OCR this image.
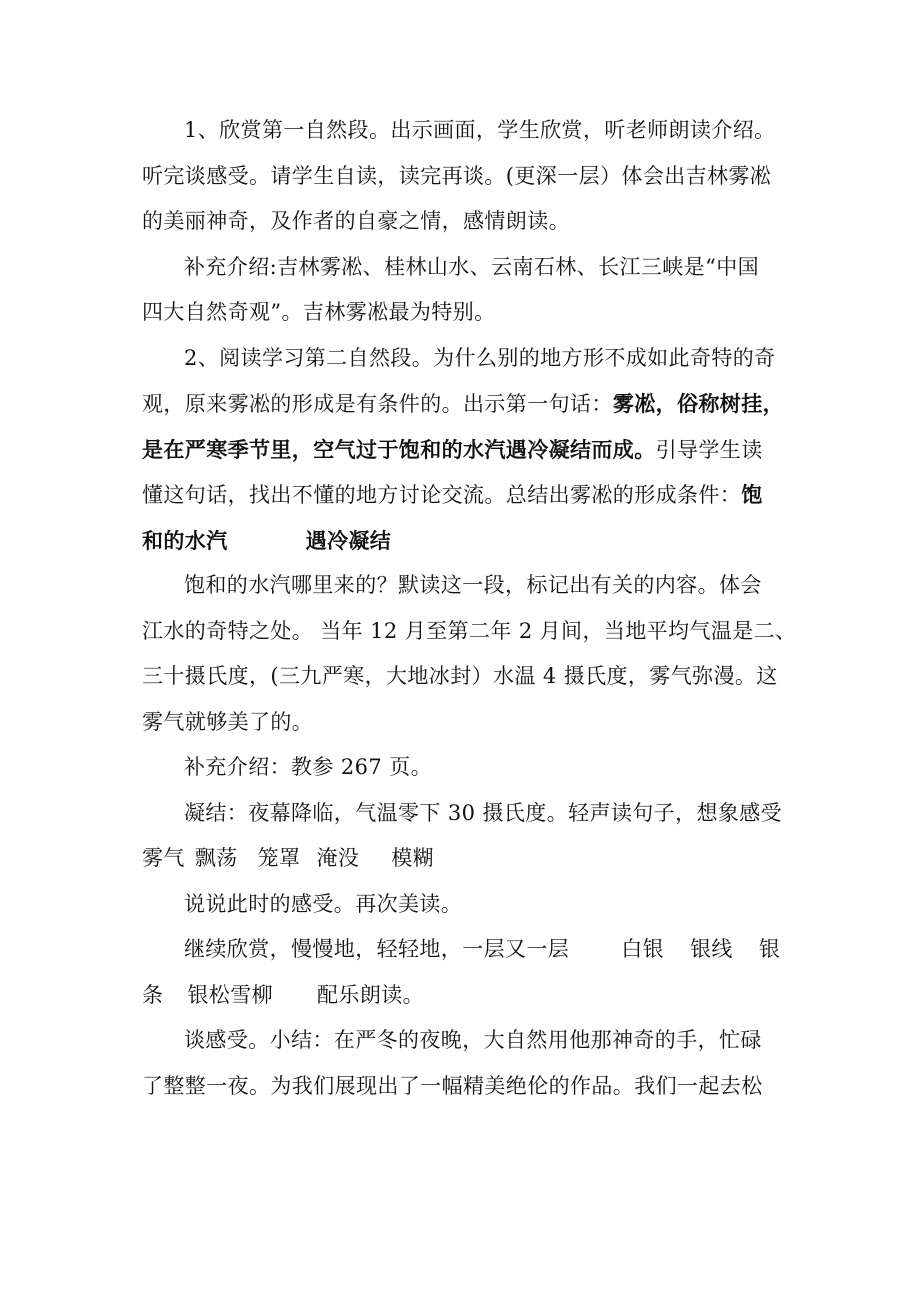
1、欣赏第一自然段。出示画面，学生欣赏，听老师朗读介绍。
听完谈感受。请学生自读，读完再谈。(更深一层）体会出吉林雾凇
的美丽神奇，及作者的自豪之情，感情朗读。
补充介绍:吉林雾凇、桂林山水、云南石林、长江三峡是“中国
四大自然奇观”。吉林雾凇最为特别。
2、阅读学习第二自然段。为什么别的地方形不成如此奇特的奇
观，原来雾凇的形成是有条件的。出示第一句话：雾凇，俗称树挂，
是在严寒季节里，空气过于饱和的水汽遇冷凝结而成。引导学生读
懂这句话，找出不懂的地方讨论交流。总结出雾凇的形成条件：饱
和的水汽	遇冷凝结
饱和的水汽哪里来的？默读这一段，标记出有关的内容。体会
江水的奇特之处。 当年 12 月至第二年 2 月间，当地平均气温是二、
三十摄氏度，(三九严寒，大地冰封）水温 4 摄氏度，雾气弥漫。这
雾气就够美了的。
补充介绍：教参 267 页。
凝结：夜幕降临，气温零下 30 摄氏度。轻声读句子，想象感受
雾气 飘荡 笼罩 淹没 模糊
说说此时的感受。再次美读。
继续欣赏，慢慢地，轻轻地，一层又一层 白银 银线 银
条 银松雪柳 配乐朗读。
谈感受。小结：在严冬的夜晚，大自然用他那神奇的手，忙碌
了整整一夜。为我们展现出了一幅精美绝伦的作品。我们一起去松
